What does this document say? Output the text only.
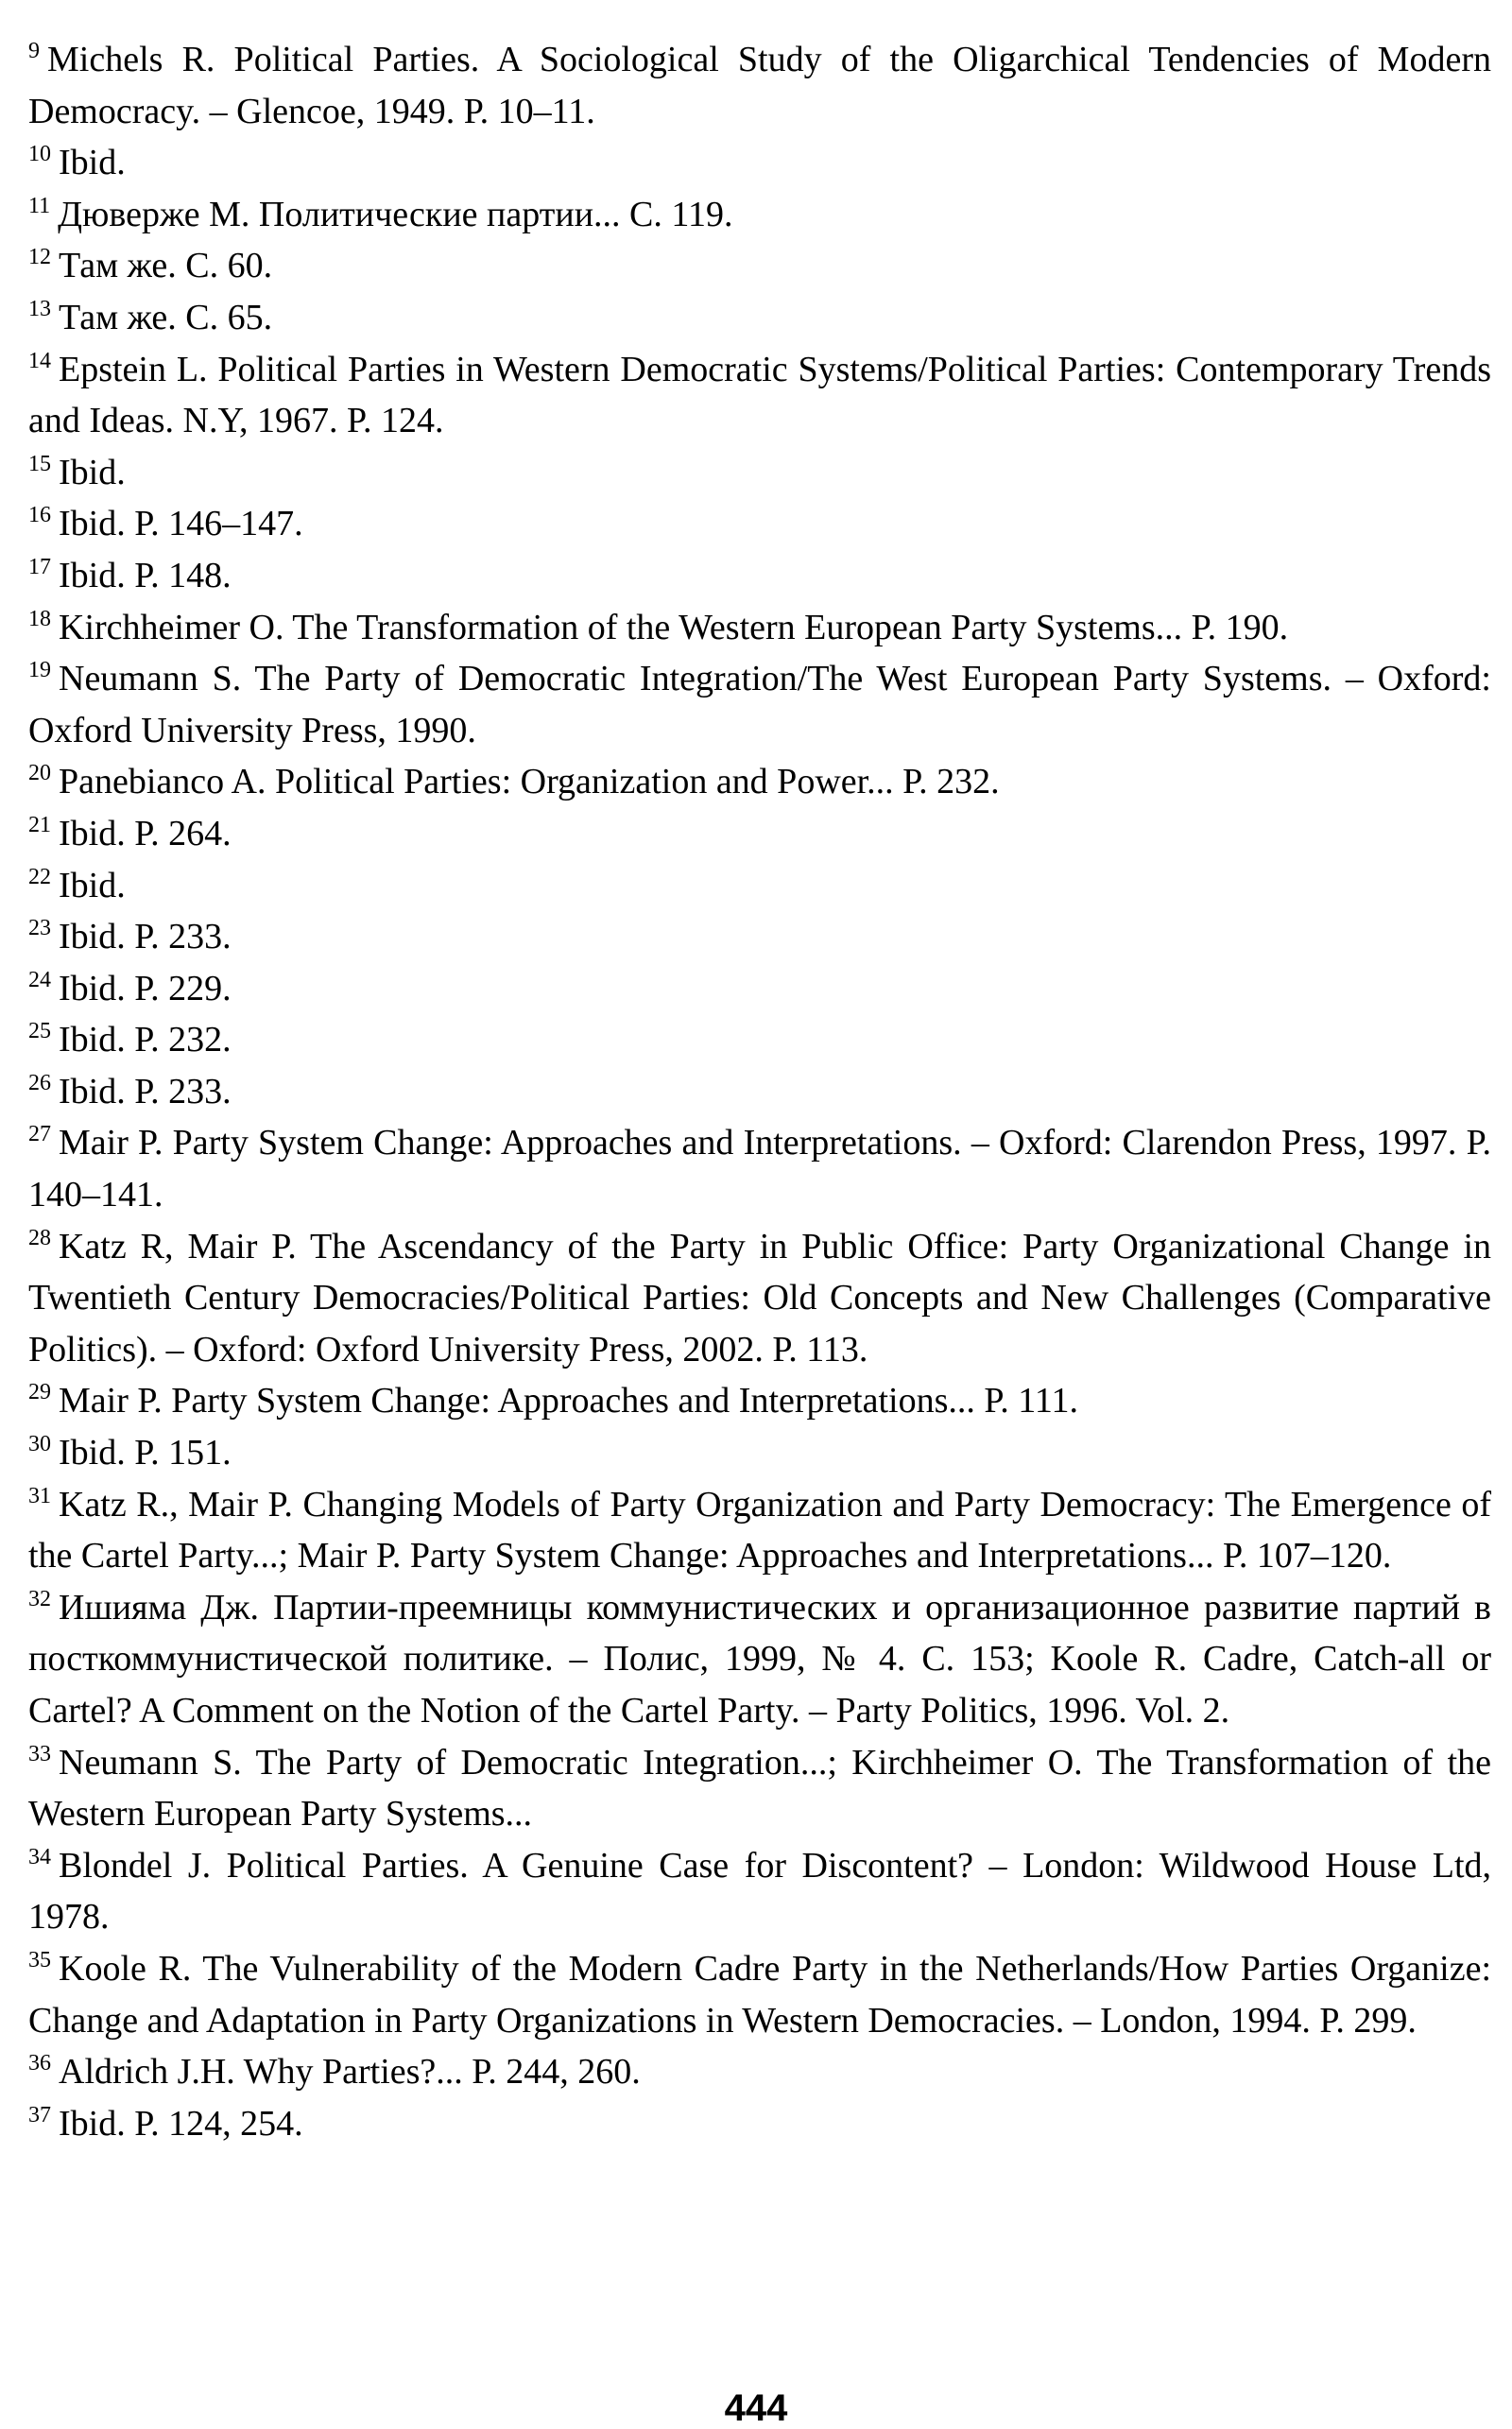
$^9$ Michels R. Political Parties. A Sociological Study of the Oligarchical Tendencies of Modern Democracy. – Glencoe, 1949. P. 10–11.
$^{10}$ Ibid.
$^{11}$ Дюверже М. Политические партии... С. 119.
$^{12}$ Там же. С. 60.
$^{13}$ Там же. С. 65.
$^{14}$ Epstein L. Political Parties in Western Democratic Systems/Political Parties: Contemporary Trends and Ideas. N.Y, 1967. P. 124.
$^{15}$ Ibid.
$^{16}$ Ibid. P. 146–147.
$^{17}$ Ibid. P. 148.
$^{18}$ Kirchheimer O. The Transformation of the Western European Party Systems... P. 190.
$^{19}$ Neumann S. The Party of Democratic Integration/The West European Party Systems. – Oxford: Oxford University Press, 1990.
$^{20}$ Panebianco A. Political Parties: Organization and Power... P. 232.
$^{21}$ Ibid. P. 264.
$^{22}$ Ibid.
$^{23}$ Ibid. P. 233.
$^{24}$ Ibid. P. 229.
$^{25}$ Ibid. P. 232.
$^{26}$ Ibid. P. 233.
$^{27}$ Mair P. Party System Change: Approaches and Interpretations. – Oxford: Clarendon Press, 1997. P. 140–141.
$^{28}$ Katz R, Mair P. The Ascendancy of the Party in Public Office: Party Organizational Change in Twentieth Century Democracies/Political Parties: Old Concepts and New Challenges (Comparative Politics). – Oxford: Oxford University Press, 2002. P. 113.
$^{29}$ Mair P. Party System Change: Approaches and Interpretations... P. 111.
$^{30}$ Ibid. P. 151.
$^{31}$ Katz R., Mair P. Changing Models of Party Organization and Party Democracy: The Emergence of the Cartel Party...; Mair P. Party System Change: Approaches and Interpretations... P. 107–120.
$^{32}$ Ишияма Дж. Партии-преемницы коммунистических и организационное развитие партий в посткоммунистической политике. – Полис, 1999, № 4. С. 153; Koole R. Cadre, Catch-all or Cartel? A Comment on the Notion of the Cartel Party. – Party Politics, 1996. Vol. 2.
$^{33}$ Neumann S. The Party of Democratic Integration...; Kirchheimer O. The Transformation of the Western European Party Systems...
$^{34}$ Blondel J. Political Parties. A Genuine Case for Discontent? – London: Wildwood House Ltd, 1978.
$^{35}$ Koole R. The Vulnerability of the Modern Cadre Party in the Netherlands/How Parties Organize: Change and Adaptation in Party Organizations in Western Democracies. – London, 1994. P. 299.
$^{36}$ Aldrich J.H. Why Parties?... P. 244, 260.
$^{37}$ Ibid. P. 124, 254.
444
